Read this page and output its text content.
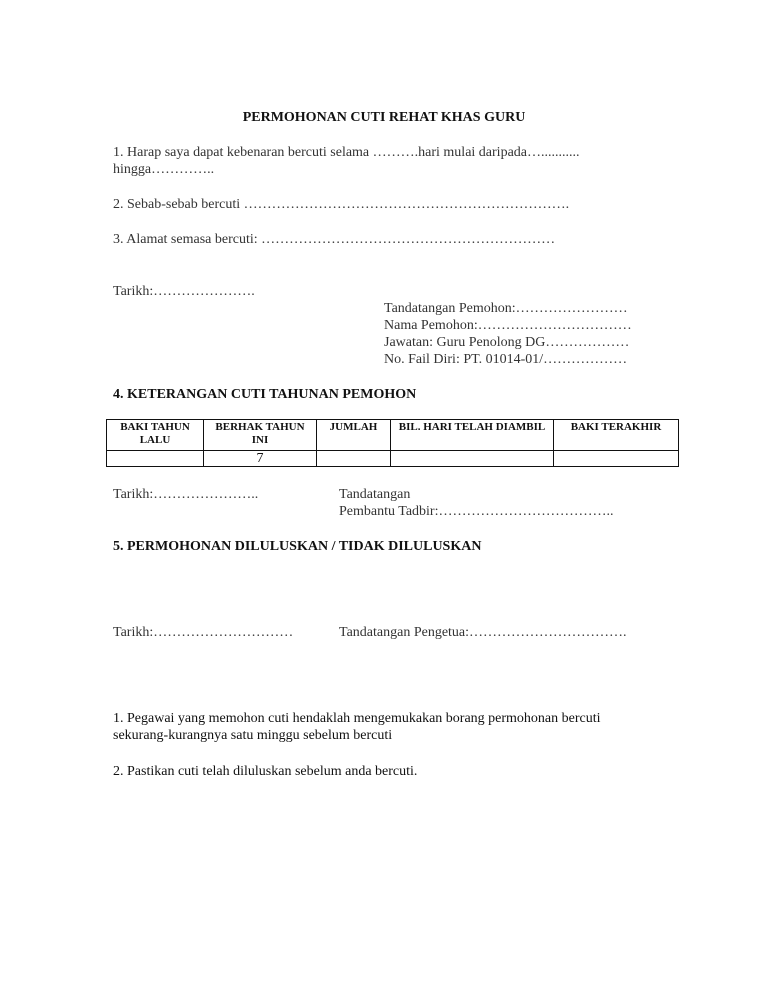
PERMOHONAN CUTI REHAT KHAS GURU
1. Harap saya dapat kebenaran bercuti selama ……….hari mulai daripada…...........
hingga…………..
2. Sebab-sebab bercuti …………………………………………………………….
3. Alamat semasa bercuti: ………………………………………………………
Tarikh:………………….
Tandatangan Pemohon:……………………
Nama Pemohon:……………………………
Jawatan: Guru Penolong DG………………
No. Fail Diri: PT. 01014-01/………………
4. KETERANGAN CUTI TAHUNAN PEMOHON
BAKI TAHUN LALU	BERHAK TAHUN INI	JUMLAH	BIL. HARI TELAH DIAMBIL	BAKI TERAKHIR
	7			
Tarikh:…………………..	Tandatangan
Pembantu Tadbir:………………………………..
5. PERMOHONAN DILULUSKAN / TIDAK DILULUSKAN
Tarikh:…………………………	Tandatangan Pengetua:…………………………….
1. Pegawai yang memohon cuti hendaklah mengemukakan borang permohonan bercuti
sekurang-kurangnya satu minggu sebelum bercuti
2. Pastikan cuti telah diluluskan sebelum anda bercuti.
